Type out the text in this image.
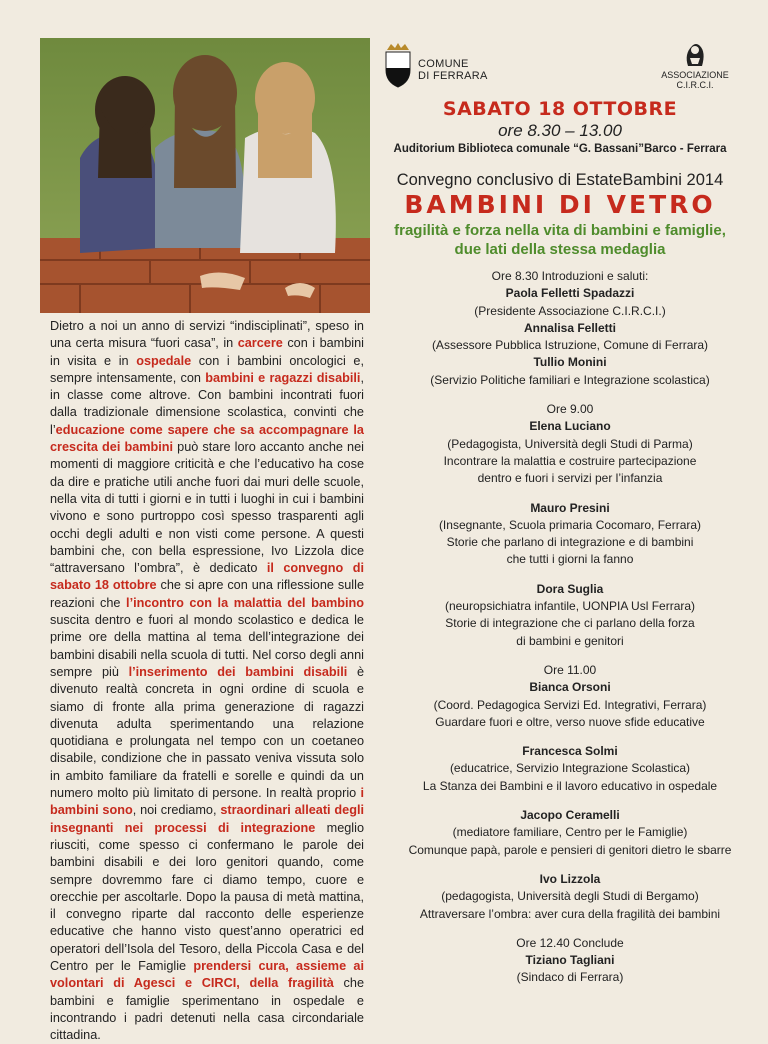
COMUNE
DI FERRARA	ASSOCIAZIONE
C.I.R.C.I.
SABATO 18 OTTOBRE
ore 8.30 – 13.00
Auditorium Biblioteca comunale “G. Bassani”Barco - Ferrara
Convegno conclusivo di EstateBambini 2014
BAMBINI DI VETRO
fragilità e forza nella vita di bambini e famiglie,
due lati della stessa medaglia
Dietro a noi un anno di servizi “indisciplinati”, speso in una certa misura “fuori casa”, in carcere con i bambini in visita e in ospedale con i bambini oncologici e, sempre intensamente, con bambini e ragazzi disabili, in classe come altrove. Con bambini incontrati fuori dalla tradizionale dimensione scolastica, convinti che l’educazione come sapere che sa accompagnare la crescita dei bambini può stare loro accanto anche nei momenti di maggiore criticità e che l’educativo ha cose da dire e pratiche utili anche fuori dai muri delle scuole, nella vita di tutti i giorni e in tutti i luoghi in cui i bambini vivono e sono purtroppo così spesso trasparenti agli occhi degli adulti e non visti come persone. A questi bambini che, con bella espressione, Ivo Lizzola dice “attraversano l’ombra”, è dedicato il convegno di sabato 18 ottobre che si apre con una riflessione sulle reazioni che l’incontro con la malattia del bambino suscita dentro e fuori al mondo scolastico e dedica le prime ore della mattina al tema dell’integrazione dei bambini disabili nella scuola di tutti. Nel corso degli anni sempre più l’inserimento dei bambini disabili è divenuto realtà concreta in ogni ordine di scuola e siamo di fronte alla prima generazione di ragazzi divenuta adulta sperimentando una relazione quotidiana e prolungata nel tempo con un coetaneo disabile, condizione che in passato veniva vissuta solo in ambito familiare da fratelli e sorelle e quindi da un numero molto più limitato di persone. In realtà proprio i bambini sono, noi crediamo, straordinari alleati degli insegnanti nei processi di integrazione meglio riusciti, come spesso ci confermano le parole dei bambini disabili e dei loro genitori quando, come sempre dovremmo fare ci diamo tempo, cuore e orecchie per ascoltarle. Dopo la pausa di metà mattina, il convegno riparte dal racconto delle esperienze educative che hanno visto quest’anno operatrici ed operatori dell’Isola del Tesoro, della Piccola Casa e del Centro per le Famiglie prendersi cura, assieme ai volontari di Agesci e CIRCI, della fragilità che bambini e famiglie sperimentano in ospedale e incontrando i padri detenuti nella casa circondariale cittadina.
Ore 8.30 Introduzioni e saluti:
Paola Felletti Spadazzi
(Presidente Associazione C.I.R.C.I.)
Annalisa Felletti
(Assessore Pubblica Istruzione, Comune di Ferrara)
Tullio Monini
(Servizio Politiche familiari e Integrazione scolastica)
Ore 9.00
Elena Luciano
(Pedagogista, Università degli Studi di Parma)
Incontrare la malattia e costruire partecipazione
dentro e fuori i servizi per l’infanzia
Mauro Presini
(Insegnante, Scuola primaria Cocomaro, Ferrara)
Storie che parlano di integrazione e di bambini
che tutti i giorni la fanno
Dora Suglia
(neuropsichiatra infantile, UONPIA Usl Ferrara)
Storie di integrazione che ci parlano della forza
di bambini e genitori
Ore 11.00
Bianca Orsoni
(Coord. Pedagogica Servizi Ed. Integrativi, Ferrara)
Guardare fuori e oltre, verso nuove sfide educative
Francesca Solmi
(educatrice, Servizio Integrazione Scolastica)
La Stanza dei Bambini e il lavoro educativo in ospedale
Jacopo Ceramelli
(mediatore familiare, Centro per le Famiglie)
Comunque papà, parole e pensieri di genitori dietro le sbarre
Ivo Lizzola
(pedagogista, Università degli Studi di Bergamo)
Attraversare l’ombra: aver cura della fragilità dei bambini
Ore 12.40 Conclude
Tiziano Tagliani
(Sindaco di Ferrara)
